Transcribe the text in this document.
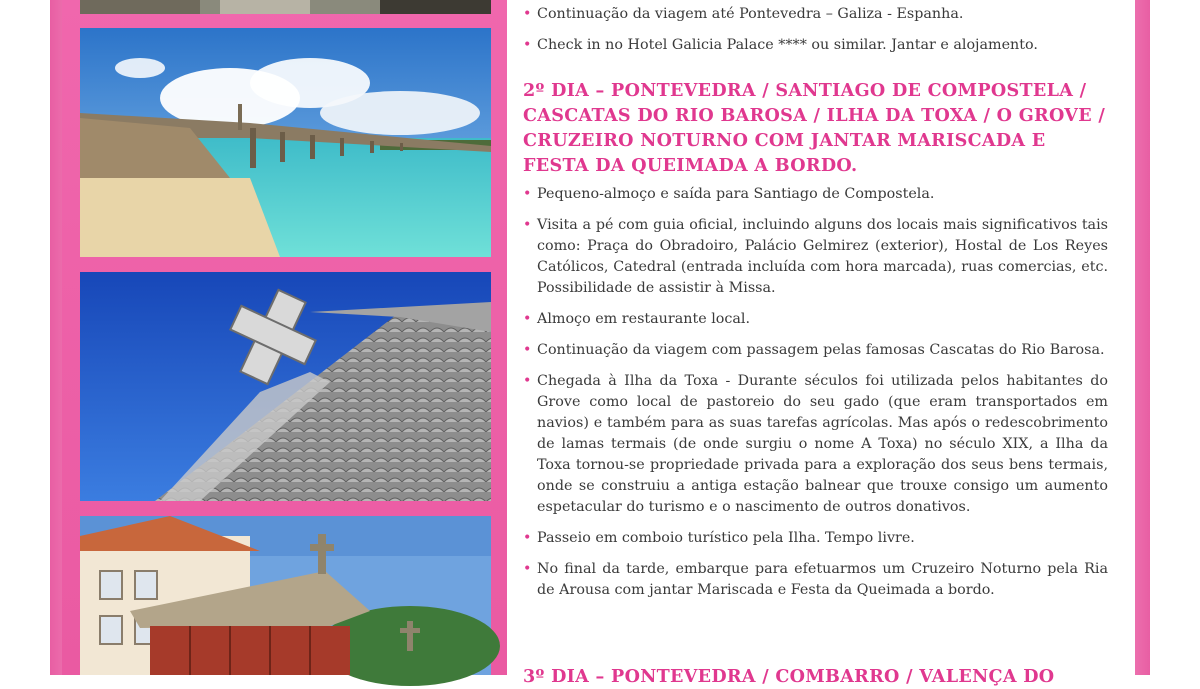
• Continuação da viagem até Pontevedra – Galiza - Espanha.

• Check in no Hotel Galicia Palace **** ou similar. Jantar e alojamento.

2º DIA – PONTEVEDRA / SANTIAGO DE COMPOSTELA / CASCATAS DO RIO BAROSA / ILHA DA TOXA / O GROVE / CRUZEIRO NOTURNO COM JANTAR MARISCADA E FESTA DA QUEIMADA A BORDO.

• Pequeno-almoço e saída para Santiago de Compostela.

• Visita a pé com guia oficial, incluindo alguns dos locais mais significativos tais como: Praça do Obradoiro, Palácio Gelmirez (exterior), Hostal de Los Reyes Católicos, Catedral (entrada incluída com hora marcada), ruas comercias, etc. Possibilidade de assistir à Missa.

• Almoço em restaurante local.

• Continuação da viagem com passagem pelas famosas Cascatas do Rio Barosa.

• Chegada à Ilha da Toxa - Durante séculos foi utilizada pelos habitantes do Grove como local de pastoreio do seu gado (que eram transportados em navios) e também para as suas tarefas agrícolas. Mas após o redescobrimento de lamas termais (de onde surgiu o nome A Toxa) no século XIX, a Ilha da Toxa tornou-se propriedade privada para a exploração dos seus bens termais, onde se construiu a antiga estação balnear que trouxe consigo um aumento espetacular do turismo e o nascimento de outros donativos.

• Passeio em comboio turístico pela Ilha. Tempo livre.

• No final da tarde, embarque para efetuarmos um Cruzeiro Noturno pela Ria de Arousa com jantar Mariscada e Festa da Queimada a bordo.

3º DIA – PONTEVEDRA / COMBARRO / VALENÇA DO
